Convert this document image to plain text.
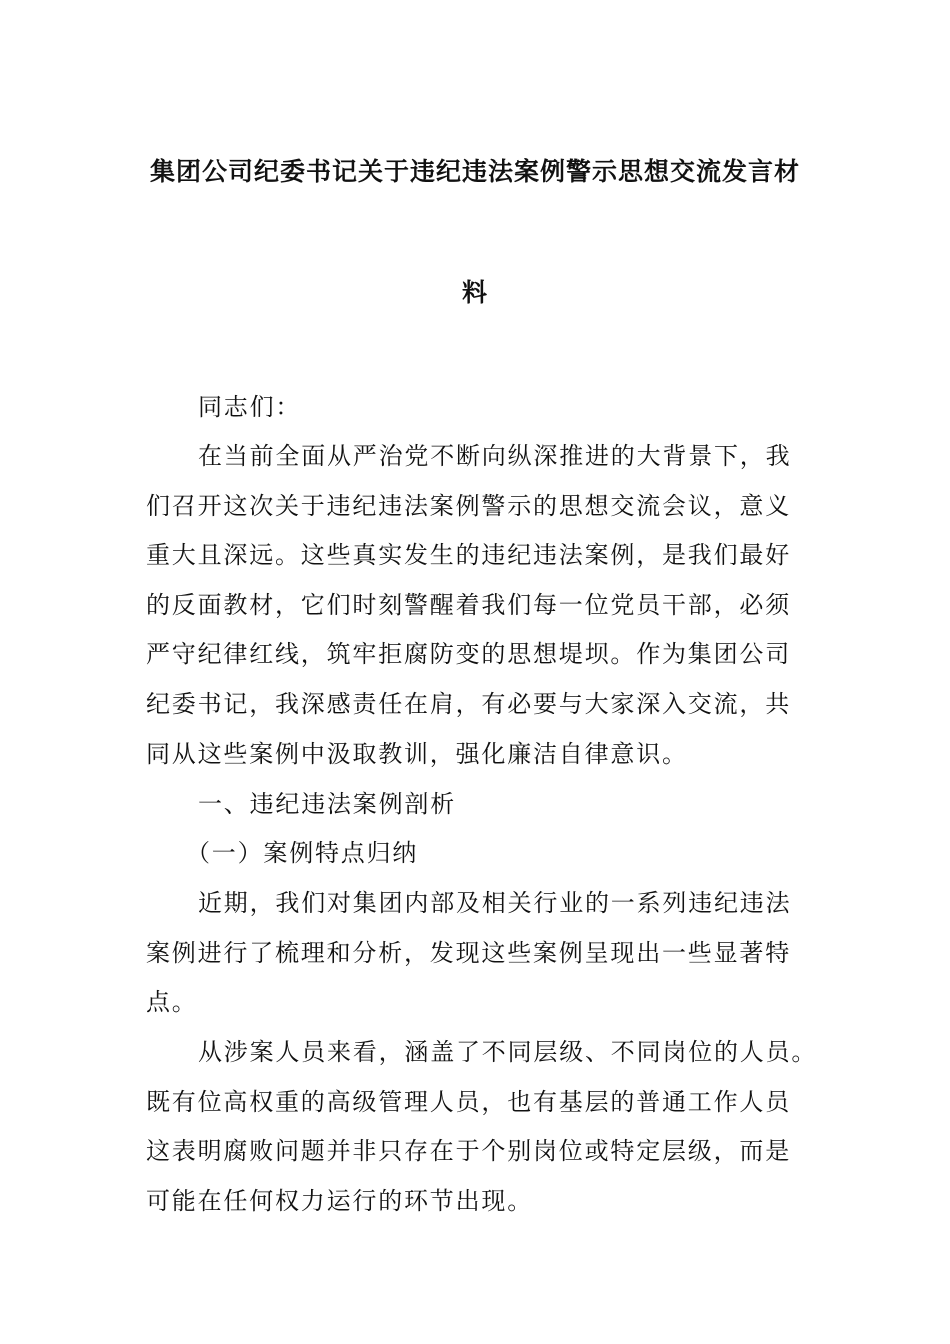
集团公司纪委书记关于违纪违法案例警示思想交流发言材
料

同志们：

在当前全面从严治党不断向纵深推进的大背景下，我
们召开这次关于违纪违法案例警示的思想交流会议，意义
重大且深远。这些真实发生的违纪违法案例，是我们最好
的反面教材，它们时刻警醒着我们每一位党员干部，必须
严守纪律红线，筑牢拒腐防变的思想堤坝。作为集团公司
纪委书记，我深感责任在肩，有必要与大家深入交流，共
同从这些案例中汲取教训，强化廉洁自律意识。

一、违纪违法案例剖析

（一）案例特点归纳

近期，我们对集团内部及相关行业的一系列违纪违法
案例进行了梳理和分析，发现这些案例呈现出一些显著特
点。

从涉案人员来看，涵盖了不同层级、不同岗位的人员。
既有位高权重的高级管理人员，也有基层的普通工作人员
这表明腐败问题并非只存在于个别岗位或特定层级，而是
可能在任何权力运行的环节出现。
